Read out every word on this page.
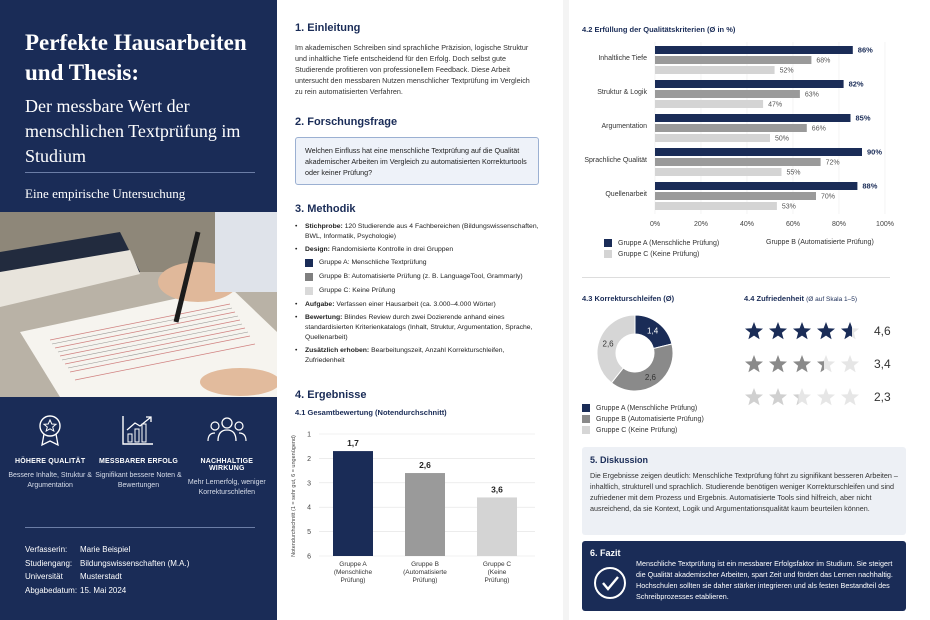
Perfekte Hausarbeiten und Thesis:
Der messbare Wert der menschlichen Textprüfung im Studium
Eine empirische Untersuchung
HÖHERE QUALITÄT
Bessere Inhalte, Struktur & Argumentation
MESSBARER ERFOLG
Signifikant bessere Noten & Bewertungen
NACHHALTIGE WIRKUNG
Mehr Lernerfolg, weniger Korrekturschleifen
Verfasserin:	Marie Beispiel
Studiengang: Bildungswissenschaften (M.A.)
Universität	Musterstadt
Abgabedatum: 15. Mai 2024
1. Einleitung
Im akademischen Schreiben sind sprachliche Präzision, logische Struktur und inhaltliche Tiefe entscheidend für den Erfolg. Doch selbst gute Studierende profitieren von professionellem Feedback. Diese Arbeit untersucht den messbaren Nutzen menschlicher Textprüfung im Vergleich zu rein automatisierten Verfahren.
2. Forschungsfrage
Welchen Einfluss hat eine menschliche Textprüfung auf die Qualität akademischer Arbeiten im Vergleich zu automatisierten Korrekturtools oder keiner Prüfung?
3. Methodik
•	Stichprobe: 120 Studierende aus 4 Fachbereichen (Bildungswissenschaften, BWL, Informatik, Psychologie)
•	Design: Randomisierte Kontrolle in drei Gruppen
Gruppe A: Menschliche Textprüfung
Gruppe B: Automatisierte Prüfung (z. B. LanguageTool, Grammarly)
Gruppe C: Keine Prüfung
•	Aufgabe: Verfassen einer Hausarbeit (ca. 3.000–4.000 Wörter)
•	Bewertung: Blindes Review durch zwei Dozierende anhand eines standardisierten Kriterienkatalogs (Inhalt, Struktur, Argumentation, Sprache, Quellenarbeit)
•	Zusätzlich erhoben: Bearbeitungszeit, Anzahl Korrekturschleifen, Zufriedenheit
4. Ergebnisse
4.1 Gesamtbewertung (Notendurchschnitt)
Notendurchschnitt (1 = sehr gut, 6 = ungenügend)
1
2
3
4
5
6
1,7
Gruppe A (Menschliche Prüfung)
2,6
Gruppe B (Automatisierte Prüfung)
3,6
Gruppe C (Keine Prüfung)
4.2 Erfüllung der Qualitätskriterien (Ø in %)
0%	20%	40%	60%	80%	100%
Inhaltliche Tiefe
86%
68%
52%
Struktur & Logik
82%
63%
47%
Argumentation
85%
66%
50%
Sprachliche Qualität
90%
72%
55%
Quellenarbeit
88%
70%
53%
Gruppe A (Menschliche Prüfung)
Gruppe C (Keine Prüfung)
Gruppe B (Automatisierte Prüfung)
4.3 Korrekturschleifen (Ø)
1,4
2,6
2,6
Gruppe A (Menschliche Prüfung)
Gruppe B (Automatisierte Prüfung)
Gruppe C (Keine Prüfung)
4.4 Zufriedenheit (Ø auf Skala 1–5)
4,6
3,4
2,3
5. Diskussion
Die Ergebnisse zeigen deutlich: Menschliche Textprüfung führt zu signifikant besseren Arbeiten – inhaltlich, strukturell und sprachlich. Studierende benötigen weniger Korrekturschleifen und sind zufriedener mit dem Prozess und Ergebnis. Automatisierte Tools sind hilfreich, aber nicht ausreichend, da sie Kontext, Logik und Argumentationsqualität kaum beurteilen können.
6. Fazit
Menschliche Textprüfung ist ein messbarer Erfolgsfaktor im Studium. Sie steigert die Qualität akademischer Arbeiten, spart Zeit und fördert das Lernen nachhaltig. Hochschulen sollten sie daher stärker integrieren und als festen Bestandteil des Schreibprozesses etablieren.
